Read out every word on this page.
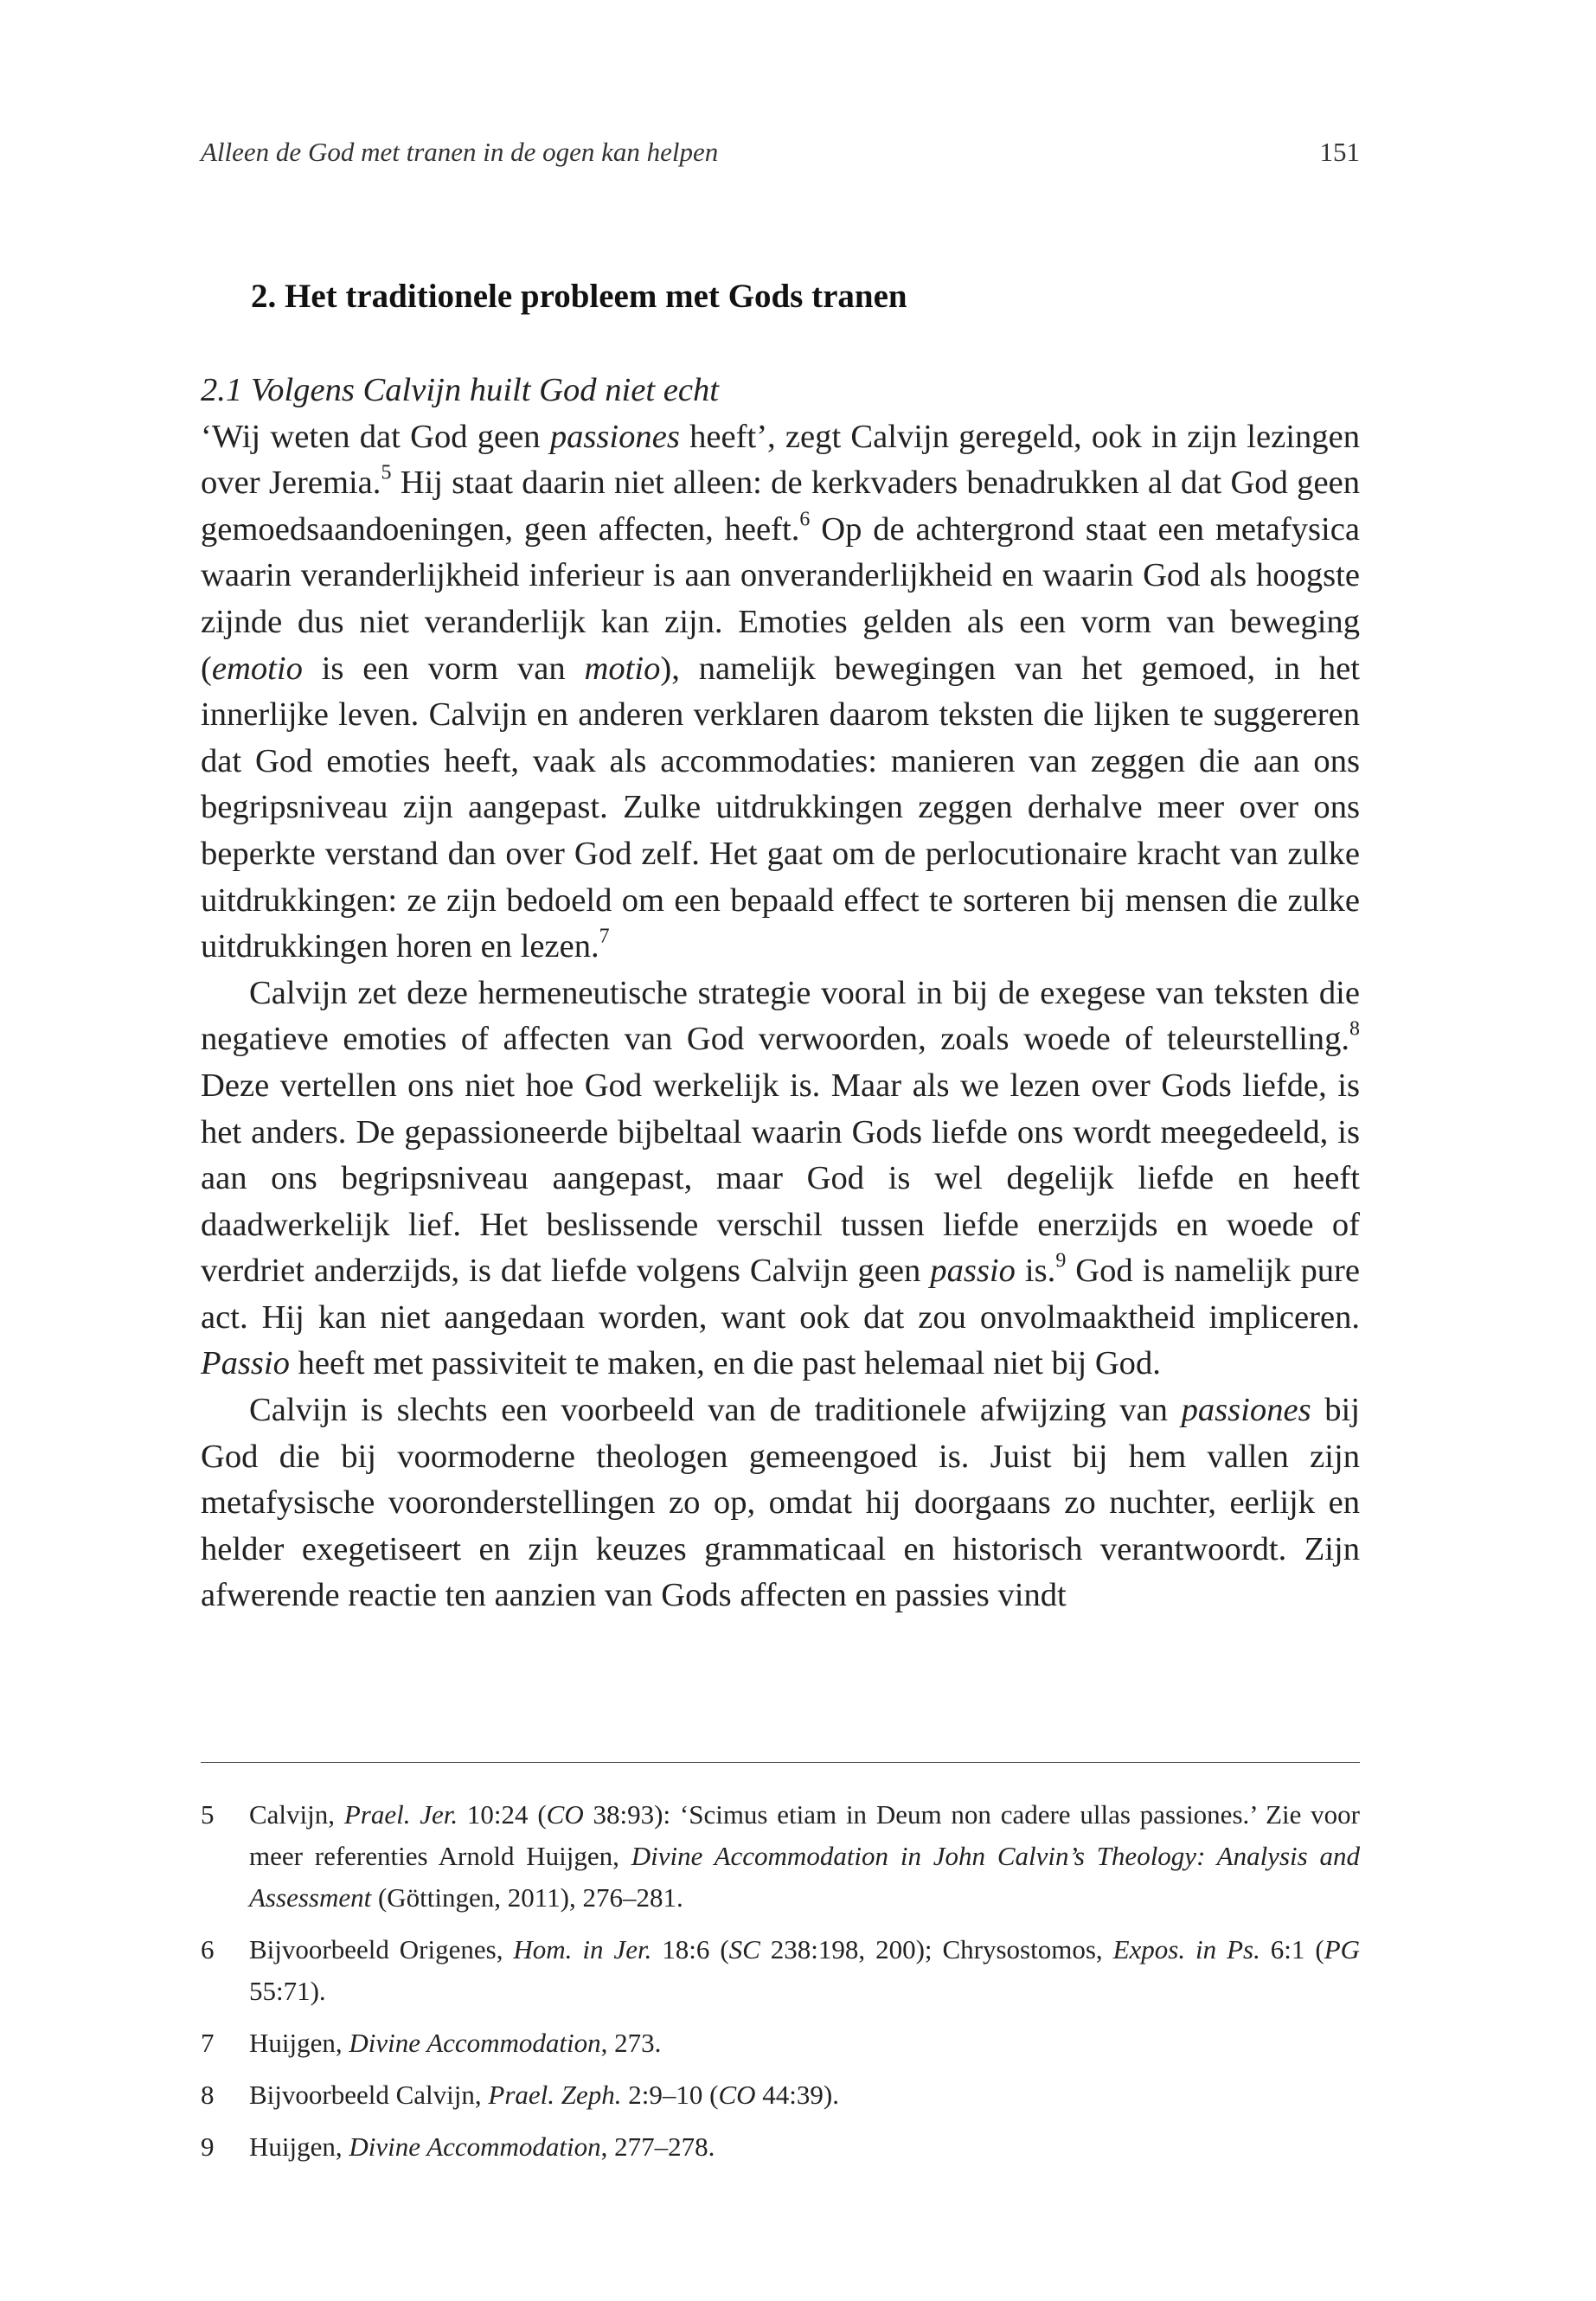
Alleen de God met tranen in de ogen kan helpen	151
2. Het traditionele probleem met Gods tranen

2.1 Volgens Calvijn huilt God niet echt

‘Wij weten dat God geen passiones heeft’, zegt Calvijn geregeld, ook in zijn lezingen over Jeremia.$^5$ Hij staat daarin niet alleen: de kerkvaders benadrukken al dat God geen gemoedsaandoeningen, geen affecten, heeft.$^6$ Op de achtergrond staat een metafysica waarin veranderlijkheid inferieur is aan onveranderlijkheid en waarin God als hoogste zijnde dus niet veranderlijk kan zijn. Emoties gelden als een vorm van beweging (emotio is een vorm van motio), namelijk bewegingen van het gemoed, in het innerlijke leven. Calvijn en anderen verklaren daarom teksten die lijken te suggereren dat God emoties heeft, vaak als accommodaties: manieren van zeggen die aan ons begripsniveau zijn aangepast. Zulke uitdrukkingen zeggen derhalve meer over ons beperkte verstand dan over God zelf. Het gaat om de perlocutionaire kracht van zulke uitdrukkingen: ze zijn bedoeld om een bepaald effect te sorteren bij mensen die zulke uitdrukkingen horen en lezen.$^7$

Calvijn zet deze hermeneutische strategie vooral in bij de exegese van teksten die negatieve emoties of affecten van God verwoorden, zoals woede of teleurstelling.$^8$ Deze vertellen ons niet hoe God werkelijk is. Maar als we lezen over Gods liefde, is het anders. De gepassioneerde bijbeltaal waarin Gods liefde ons wordt meegedeeld, is aan ons begripsniveau aangepast, maar God is wel degelijk liefde en heeft daadwerkelijk lief. Het beslissende verschil tussen liefde enerzijds en woede of verdriet anderzijds, is dat liefde volgens Calvijn geen passio is.$^9$ God is namelijk pure act. Hij kan niet aangedaan worden, want ook dat zou onvolmaaktheid impliceren. Passio heeft met passiviteit te maken, en die past helemaal niet bij God.

Calvijn is slechts een voorbeeld van de traditionele afwijzing van passiones bij God die bij voormoderne theologen gemeengoed is. Juist bij hem vallen zijn metafysische vooronderstellingen zo op, omdat hij doorgaans zo nuchter, eerlijk en helder exegetiseert en zijn keuzes grammaticaal en historisch verantwoordt. Zijn afwerende reactie ten aanzien van Gods affecten en passies vindt

5 Calvijn, Prael. Jer. 10:24 (CO 38:93): ‘Scimus etiam in Deum non cadere ullas passiones.’ Zie voor meer referenties Arnold Huijgen, Divine Accommodation in John Calvin’s Theology: Analysis and Assessment (Göttingen, 2011), 276–281.
6 Bijvoorbeeld Origenes, Hom. in Jer. 18:6 (SC 238:198, 200); Chrysostomos, Expos. in Ps. 6:1 (PG 55:71).
7 Huijgen, Divine Accommodation, 273.
8 Bijvoorbeeld Calvijn, Prael. Zeph. 2:9–10 (CO 44:39).
9 Huijgen, Divine Accommodation, 277–278.
